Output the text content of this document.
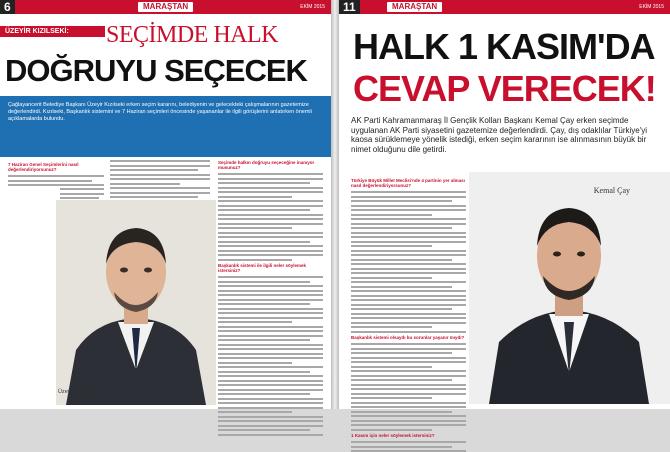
6	MARAŞTAN	EKİM 2015
ÜZEYİR KIZILSEKİ:	SEÇİMDE HALK
DOĞRUYU SEÇECEK
Çağlayancerit Belediye Başkanı Üzeyir Kızılseki erken seçim kararını, belediyenin ve gelecekteki çalışmalarının gazetemize değerlendirdi. Kızılseki, Başkanlık sistemini ve 7 Haziran seçimleri öncesinde yaşananlar ile ilgili görüşlerini anlatırken önemli açıklamalarda bulundu.
7 Haziran Genel Seçimlerini nasıl değerlendiriyorsunuz?
Seçimde halkın doğruyu seçeceğine inanıyor musunuz?
Başkanlık sistemi ile ilgili neler söylemek istersiniz?
Üzeyir Kızılseki
11	MARAŞTAN	EKİM 2015
HALK 1 KASIM'DA
CEVAP VERECEK!
AK Parti Kahramanmaraş İl Gençlik Kolları Başkanı Kemal Çay erken seçimde uygulanan AK Parti siyasetini gazetemize değerlendirdi. Çay, dış odaklılar Türkiye'yi kaosa sürüklemeye yönelik istediği, erken seçim kararının ise alınmasının büyük bir nimet olduğunu dile getirdi.
Türkiye Büyük Millet Meclisi'nde 4 partinin yer alması nasıl değerlendiriyorsunuz?
Başkanlık sistemi olsaydı bu sorunlar yaşanır mıydı?
1 Kasım için neler söylemek istersiniz?
Kemal Çay
